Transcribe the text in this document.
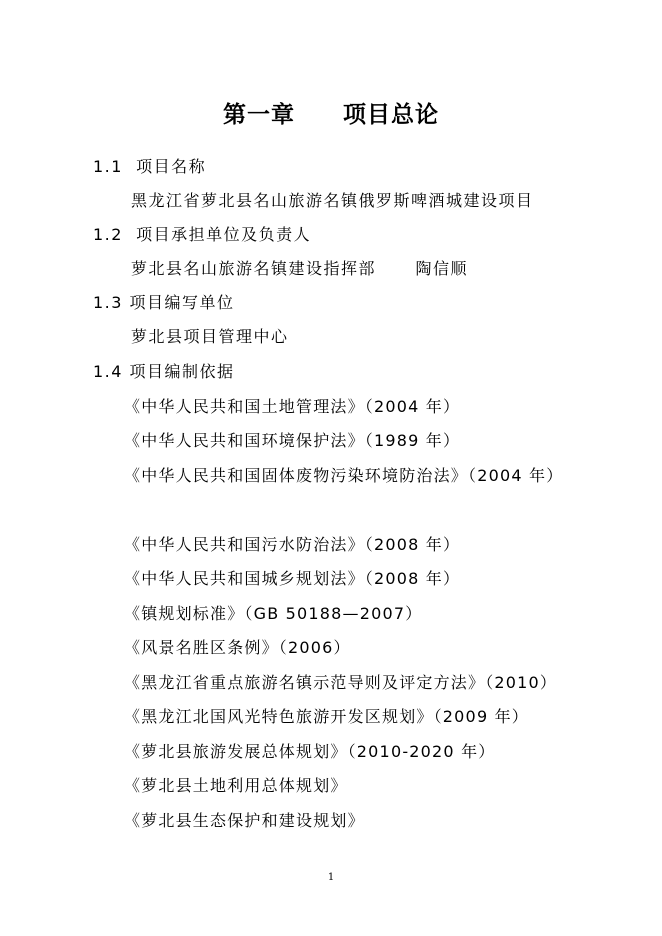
第一章　　项目总论
1.1  项目名称
黑龙江省萝北县名山旅游名镇俄罗斯啤酒城建设项目
1.2  项目承担单位及负责人
萝北县名山旅游名镇建设指挥部      陶信顺
1.3 项目编写单位
萝北县项目管理中心
1.4 项目编制依据
《中华人民共和国土地管理法》（2004 年）
《中华人民共和国环境保护法》（1989 年）
《中华人民共和国固体废物污染环境防治法》（2004 年）
《中华人民共和国污水防治法》（2008 年）
《中华人民共和国城乡规划法》（2008 年）
《镇规划标准》（GB 50188—2007）
《风景名胜区条例》（2006）
《黑龙江省重点旅游名镇示范导则及评定方法》（2010）
《黑龙江北国风光特色旅游开发区规划》（2009 年）
《萝北县旅游发展总体规划》（2010-2020 年）
《萝北县土地利用总体规划》
《萝北县生态保护和建设规划》
1
